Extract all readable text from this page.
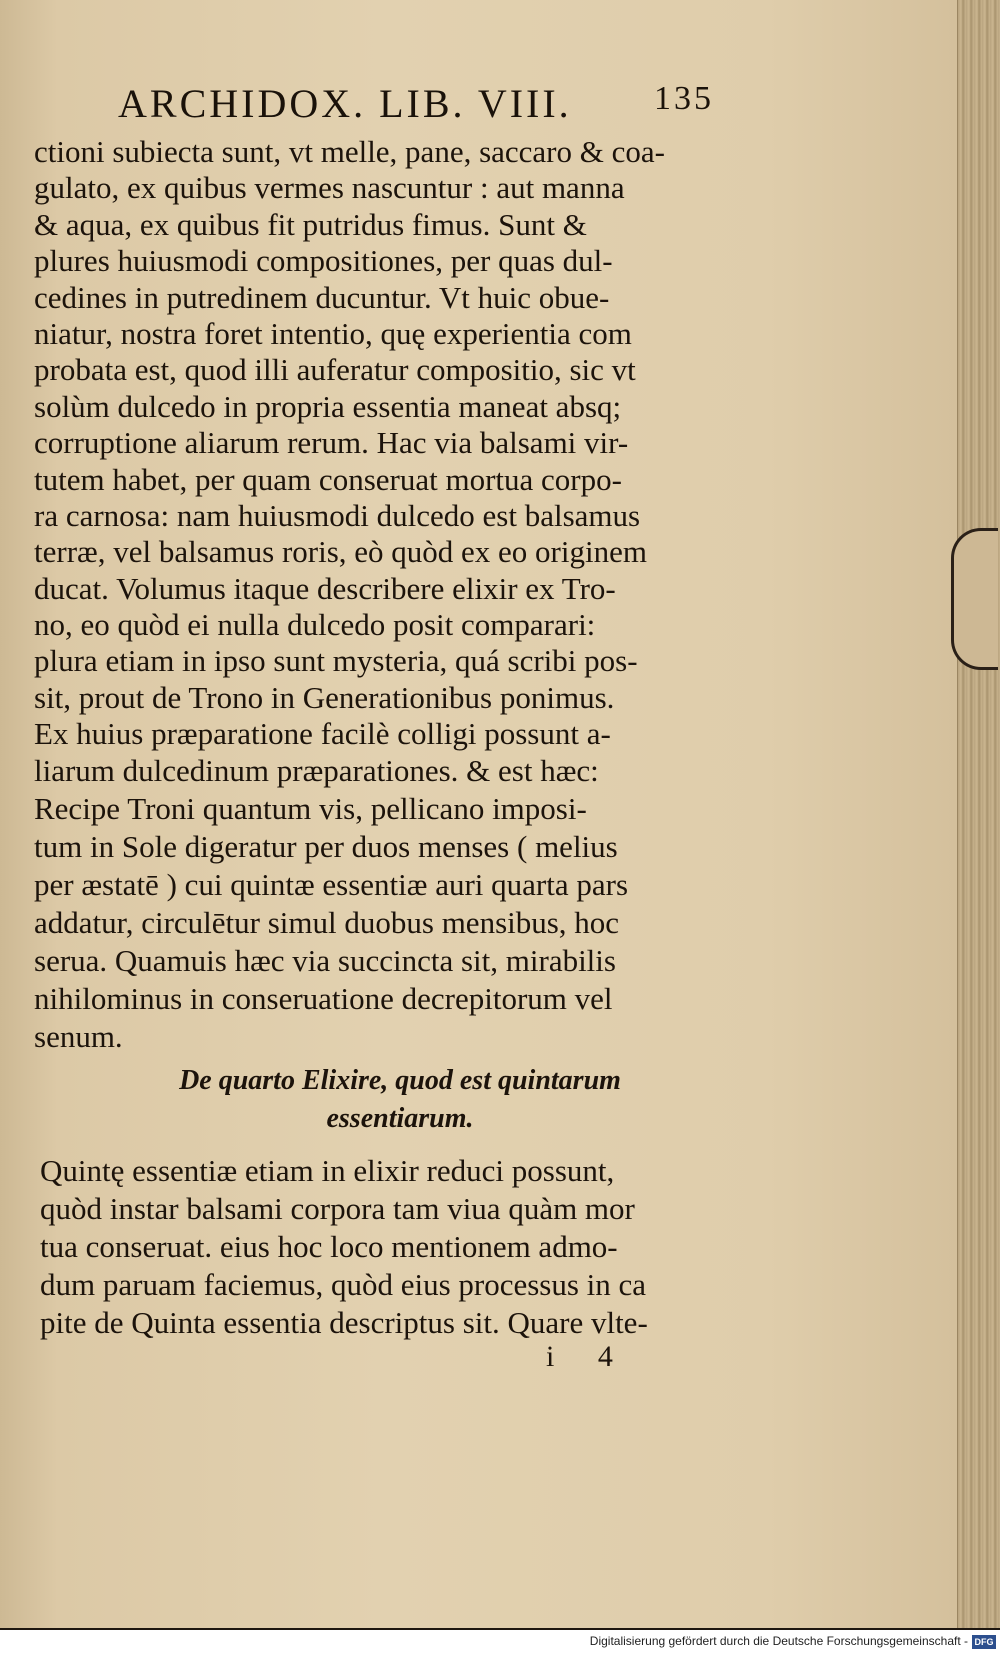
ARCHIDOX. LIB. VIII. 135
ctioni subiecta sunt, vt melle, pane, saccaro & coa-
gulato, ex quibus vermes nascuntur : aut manna
& aqua, ex quibus fit putridus fimus. Sunt &
plures huiusmodi compositiones, per quas dul-
cedines in putredinem ducuntur. Vt huic obue-
niatur, nostra foret intentio, quę experientia com
probata est, quod illi auferatur compositio, sic vt
solùm dulcedo in propria essentia maneat absq;
corruptione aliarum rerum. Hac via balsami vir-
tutem habet, per quam conseruat mortua corpo-
ra carnosa: nam huiusmodi dulcedo est balsamus
terræ, vel balsamus roris, eò quòd ex eo originem
ducat. Volumus itaque describere elixir ex Tro-
no, eo quòd ei nulla dulcedo posit comparari:
plura etiam in ipso sunt mysteria, quá scribi pos-
sit, prout de Trono in Generationibus ponimus.
Ex huius præparatione facilè colligi possunt a-
liarum dulcedinum præparationes. & est hæc:
Recipe Troni quantum vis, pellicano imposi-
tum in Sole digeratur per duos menses ( melius
per æstatē ) cui quintæ essentiæ auri quarta pars
addatur, circulētur simul duobus mensibus, hoc
serua. Quamuis hæc via succincta sit, mirabilis
nihilominus in conseruatione decrepitorum vel
senum.
De quarto Elixire, quod est quintarum
essentiarum.
Quintę essentiæ etiam in elixir reduci possunt,
quòd instar balsami corpora tam viua quàm mor
tua conseruat. eius hoc loco mentionem admo-
dum paruam faciemus, quòd eius processus in ca
pite de Quinta essentia descriptus sit. Quare vlte-
i 4
Digitalisierung gefördert durch die Deutsche Forschungsgemeinschaft - DFG
